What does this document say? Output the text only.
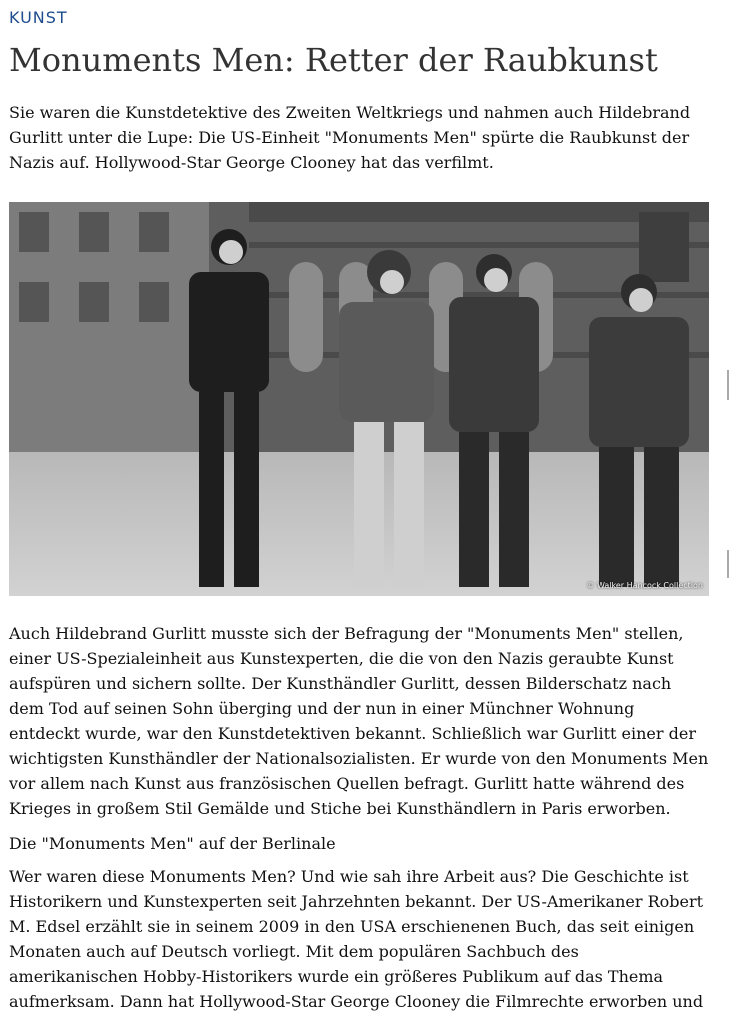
KUNST
Monuments Men: Retter der Raubkunst

Sie waren die Kunstdetektive des Zweiten Weltkriegs und nahmen auch Hildebrand Gurlitt unter die Lupe: Die US-Einheit "Monuments Men" spürte die Raubkunst der Nazis auf. Hollywood-Star George Clooney hat das verfilmt.

© Walker Hancock Collection

Auch Hildebrand Gurlitt musste sich der Befragung der "Monuments Men" stellen, einer US-Spezialeinheit aus Kunstexperten, die die von den Nazis geraubte Kunst aufspüren und sichern sollte. Der Kunsthändler Gurlitt, dessen Bilderschatz nach dem Tod auf seinen Sohn überging und der nun in einer Münchner Wohnung entdeckt wurde, war den Kunstdetektiven bekannt. Schließlich war Gurlitt einer der wichtigsten Kunsthändler der Nationalsozialisten. Er wurde von den Monuments Men vor allem nach Kunst aus französischen Quellen befragt. Gurlitt hatte während des Krieges in großem Stil Gemälde und Stiche bei Kunsthändlern in Paris erworben.

Die "Monuments Men" auf der Berlinale

Wer waren diese Monuments Men? Und wie sah ihre Arbeit aus? Die Geschichte ist Historikern und Kunstexperten seit Jahrzehnten bekannt. Der US-Amerikaner Robert M. Edsel erzählt sie in seinem 2009 in den USA erschienenen Buch, das seit einigen Monaten auch auf Deutsch vorliegt. Mit dem populären Sachbuch des amerikanischen Hobby-Historikers wurde ein größeres Publikum auf das Thema aufmerksam. Dann hat Hollywood-Star George Clooney die Filmrechte erworben und
